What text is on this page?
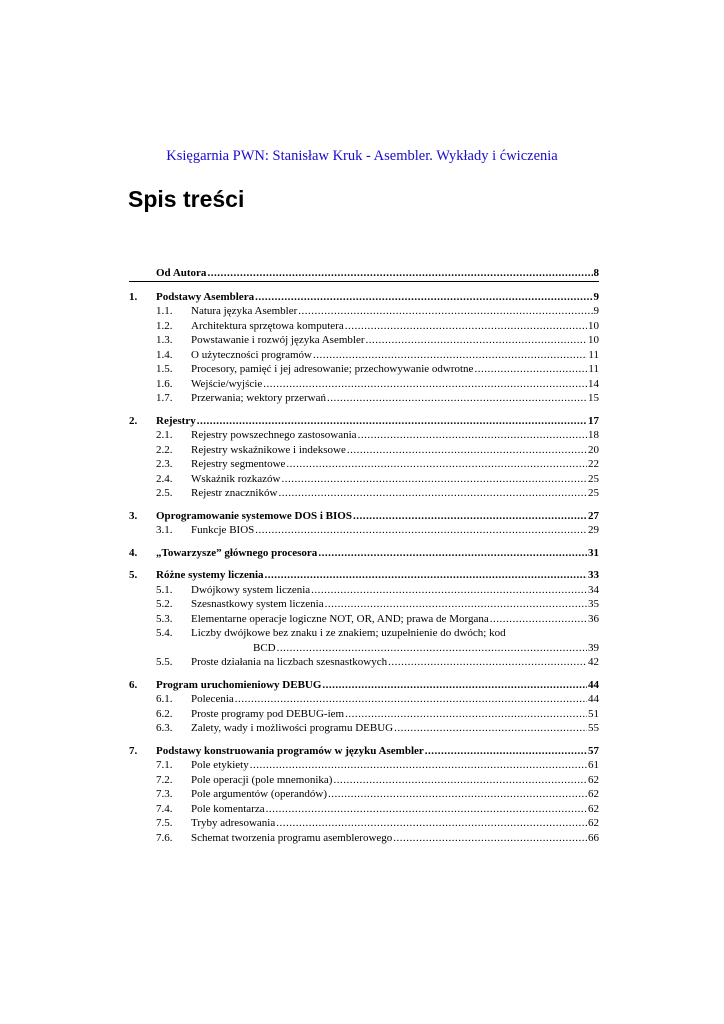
Księgarnia PWN: Stanisław Kruk - Asembler. Wykłady i ćwiczenia
Spis treści
Od Autora .....	8
1.	Podstawy Asemblera .....	9
1.1.	Natura języka Asembler .....	9
1.2.	Architektura sprzętowa komputera .....	10
1.3.	Powstawanie i rozwój języka Asembler .....	10
1.4.	O użyteczności programów .....	11
1.5.	Procesory, pamięć i jej adresowanie; przechowywanie odwrotne .....	11
1.6.	Wejście/wyjście .....	14
1.7.	Przerwania; wektory przerwań .....	15
2.	Rejestry .....	17
2.1.	Rejestry powszechnego zastosowania .....	18
2.2.	Rejestry wskaźnikowe i indeksowe .....	20
2.3.	Rejestry segmentowe .....	22
2.4.	Wskaźnik rozkazów .....	25
2.5.	Rejestr znaczników .....	25
3.	Oprogramowanie systemowe DOS i BIOS .....	27
3.1.	Funkcje BIOS .....	29
4.	„Towarzysze” głównego procesora .....	31
5.	Różne systemy liczenia .....	33
5.1.	Dwójkowy system liczenia .....	34
5.2.	Szesnastkowy system liczenia .....	35
5.3.	Elementarne operacje logiczne NOT, OR, AND; prawa de Morgana .....	36
5.4.	Liczby dwójkowe bez znaku i ze znakiem; uzupełnienie do dwóch; kod
BCD .....	39
5.5.	Proste działania na liczbach szesnastkowych .....	42
6.	Program uruchomieniowy DEBUG .....	44
6.1.	Polecenia .....	44
6.2.	Proste programy pod DEBUG-iem .....	51
6.3.	Zalety, wady i możliwości programu DEBUG .....	55
7.	Podstawy konstruowania programów w języku Asembler .....	57
7.1.	Pole etykiety .....	61
7.2.	Pole operacji (pole mnemonika) .....	62
7.3.	Pole argumentów (operandów) .....	62
7.4.	Pole komentarza .....	62
7.5.	Tryby adresowania .....	62
7.6.	Schemat tworzenia programu asemblerowego .....	66
